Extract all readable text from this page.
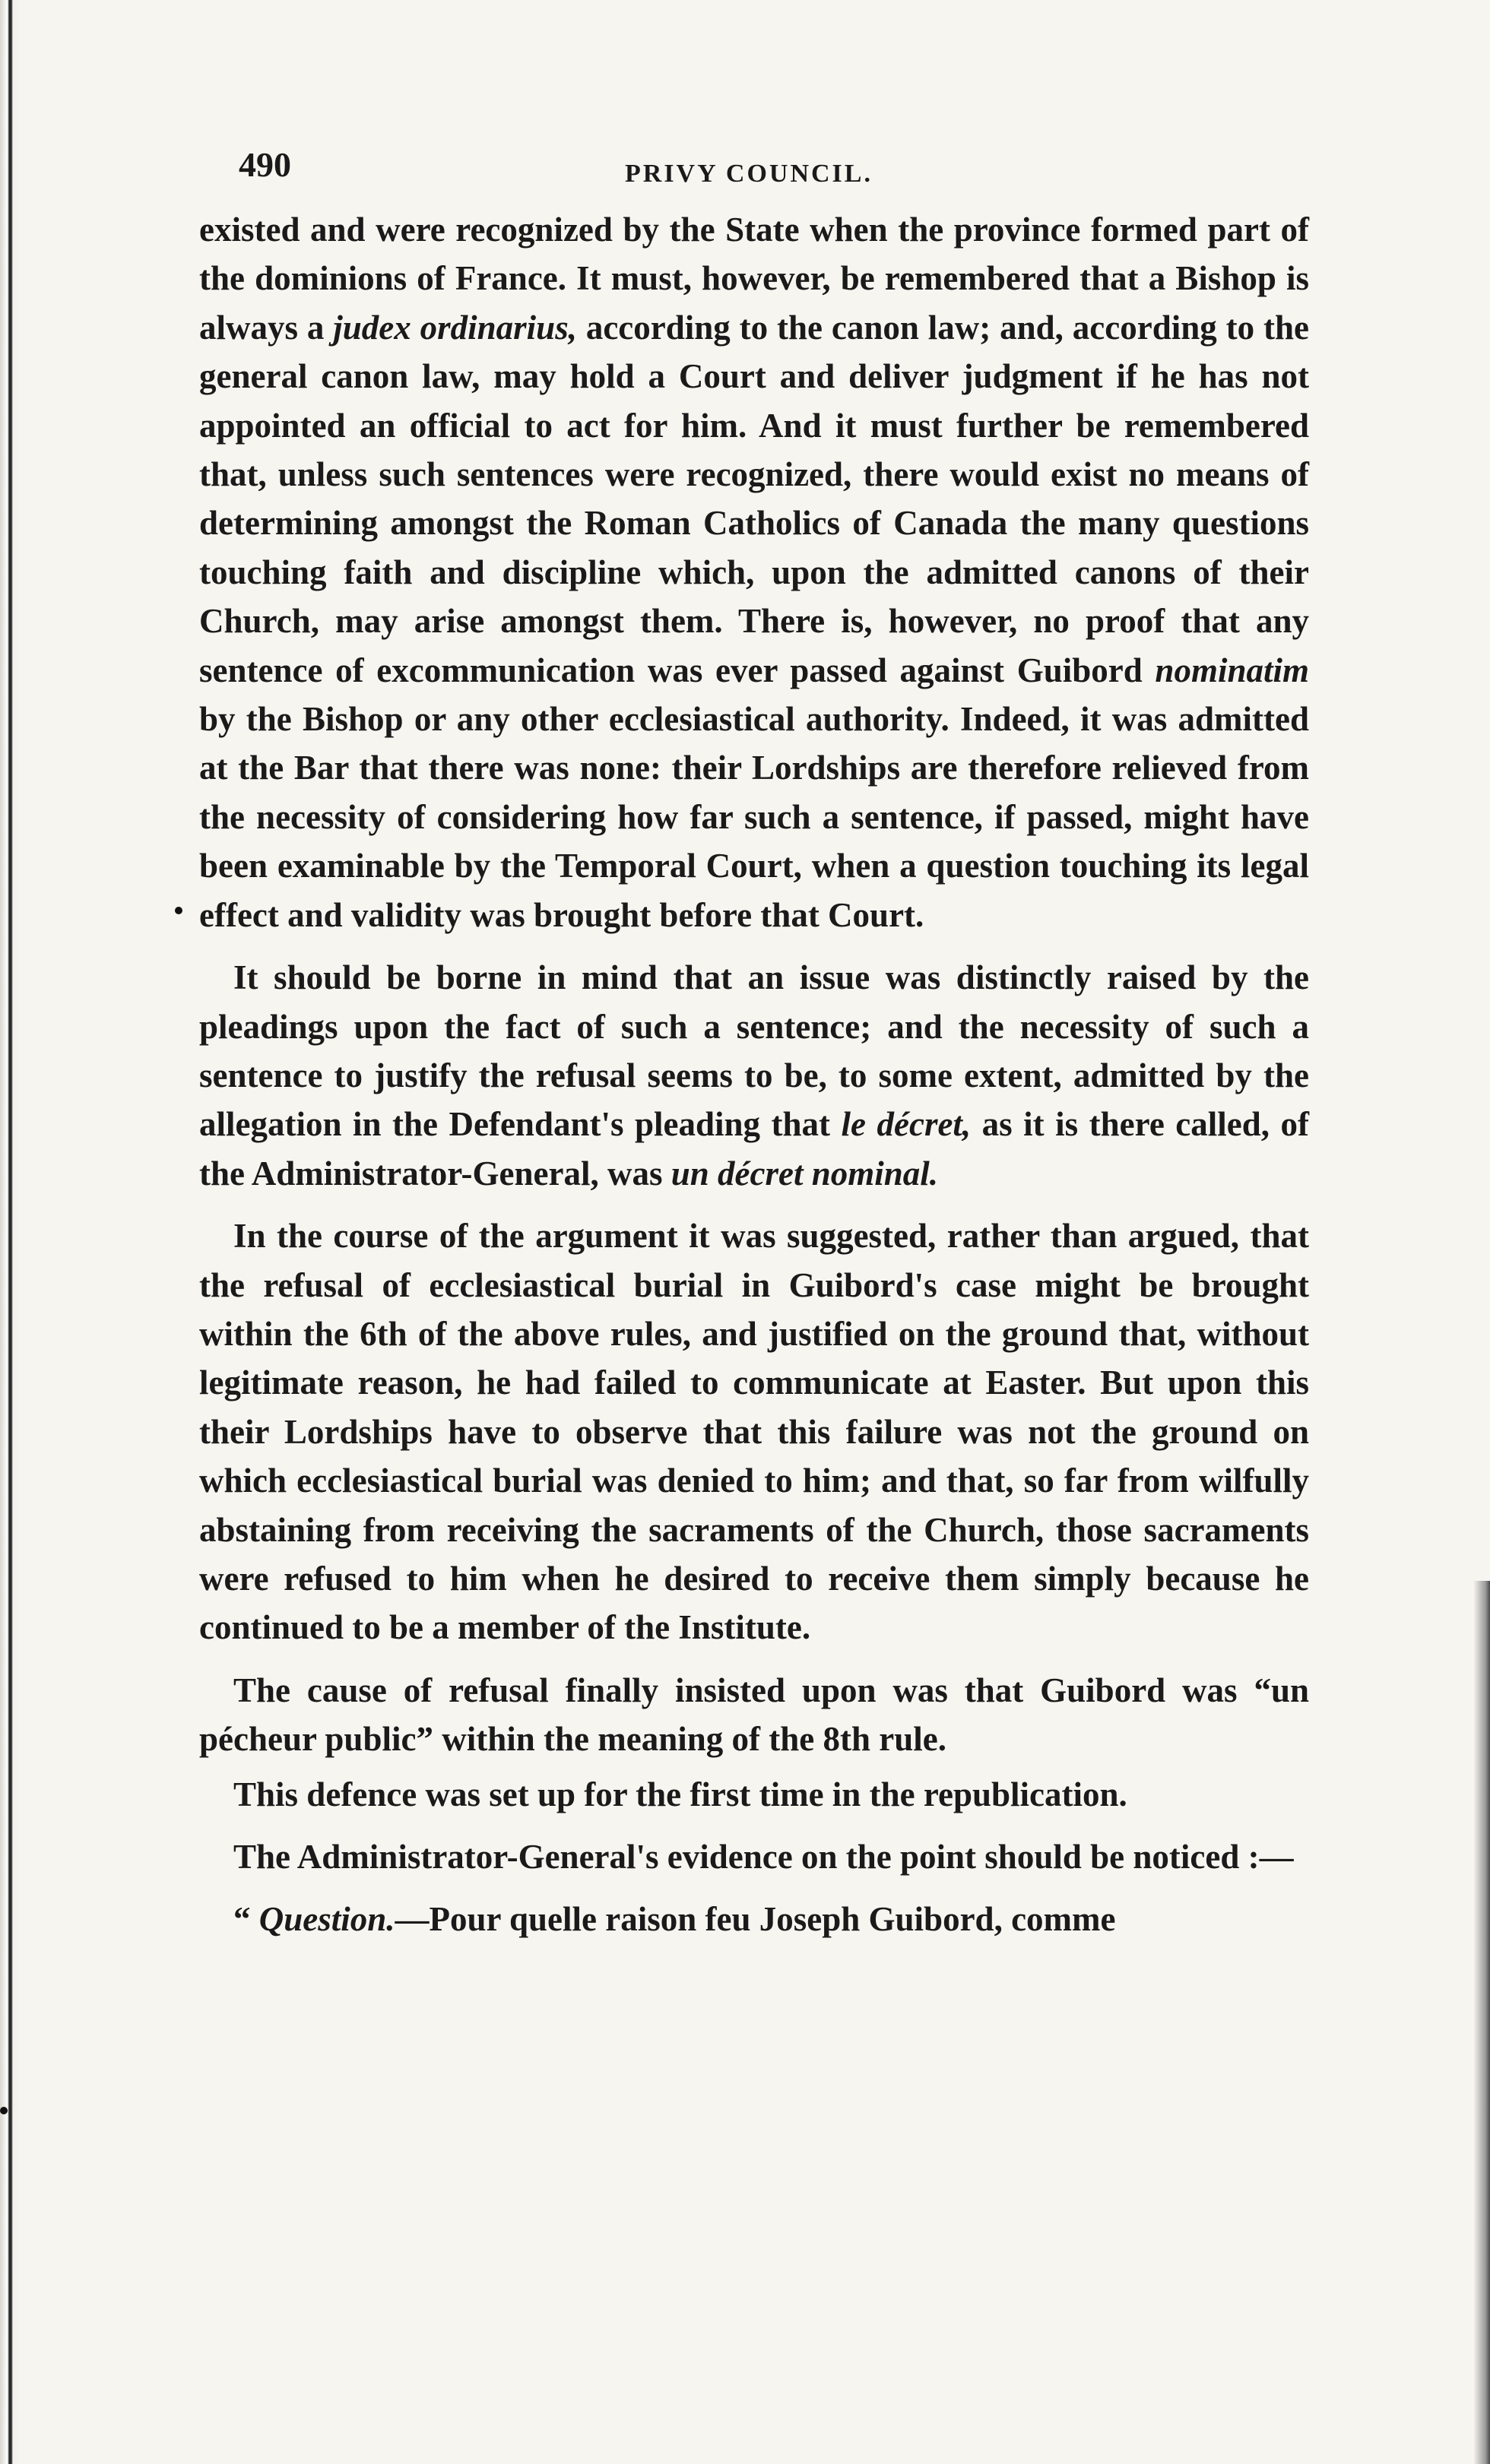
490	PRIVY COUNCIL.

existed and were recognized by the State when the province formed part of the dominions of France. It must, however, be remembered that a Bishop is always a judex ordinarius, according to the canon law; and, according to the general canon law, may hold a Court and deliver judgment if he has not appointed an official to act for him. And it must further be remembered that, unless such sentences were recognized, there would exist no means of determining amongst the Roman Catholics of Canada the many questions touching faith and discipline which, upon the admitted canons of their Church, may arise amongst them. There is, however, no proof that any sentence of excommunication was ever passed against Guibord nominatim by the Bishop or any other ecclesiastical authority. Indeed, it was admitted at the Bar that there was none: their Lordships are therefore relieved from the necessity of considering how far such a sentence, if passed, might have been examinable by the Temporal Court, when a question touching its legal effect and validity was brought before that Court.

It should be borne in mind that an issue was distinctly raised by the pleadings upon the fact of such a sentence; and the necessity of such a sentence to justify the refusal seems to be, to some extent, admitted by the allegation in the Defendant's pleading that le décret, as it is there called, of the Administrator-General, was un décret nominal.

In the course of the argument it was suggested, rather than argued, that the refusal of ecclesiastical burial in Guibord's case might be brought within the 6th of the above rules, and justified on the ground that, without legitimate reason, he had failed to communicate at Easter. But upon this their Lordships have to observe that this failure was not the ground on which ecclesiastical burial was denied to him; and that, so far from wilfully abstaining from receiving the sacraments of the Church, those sacraments were refused to him when he desired to receive them simply because he continued to be a member of the Institute.

The cause of refusal finally insisted upon was that Guibord was “un pécheur public” within the meaning of the 8th rule.

This defence was set up for the first time in the republication.

The Administrator-General's evidence on the point should be noticed :—

“ Question.—Pour quelle raison feu Joseph Guibord, comme
